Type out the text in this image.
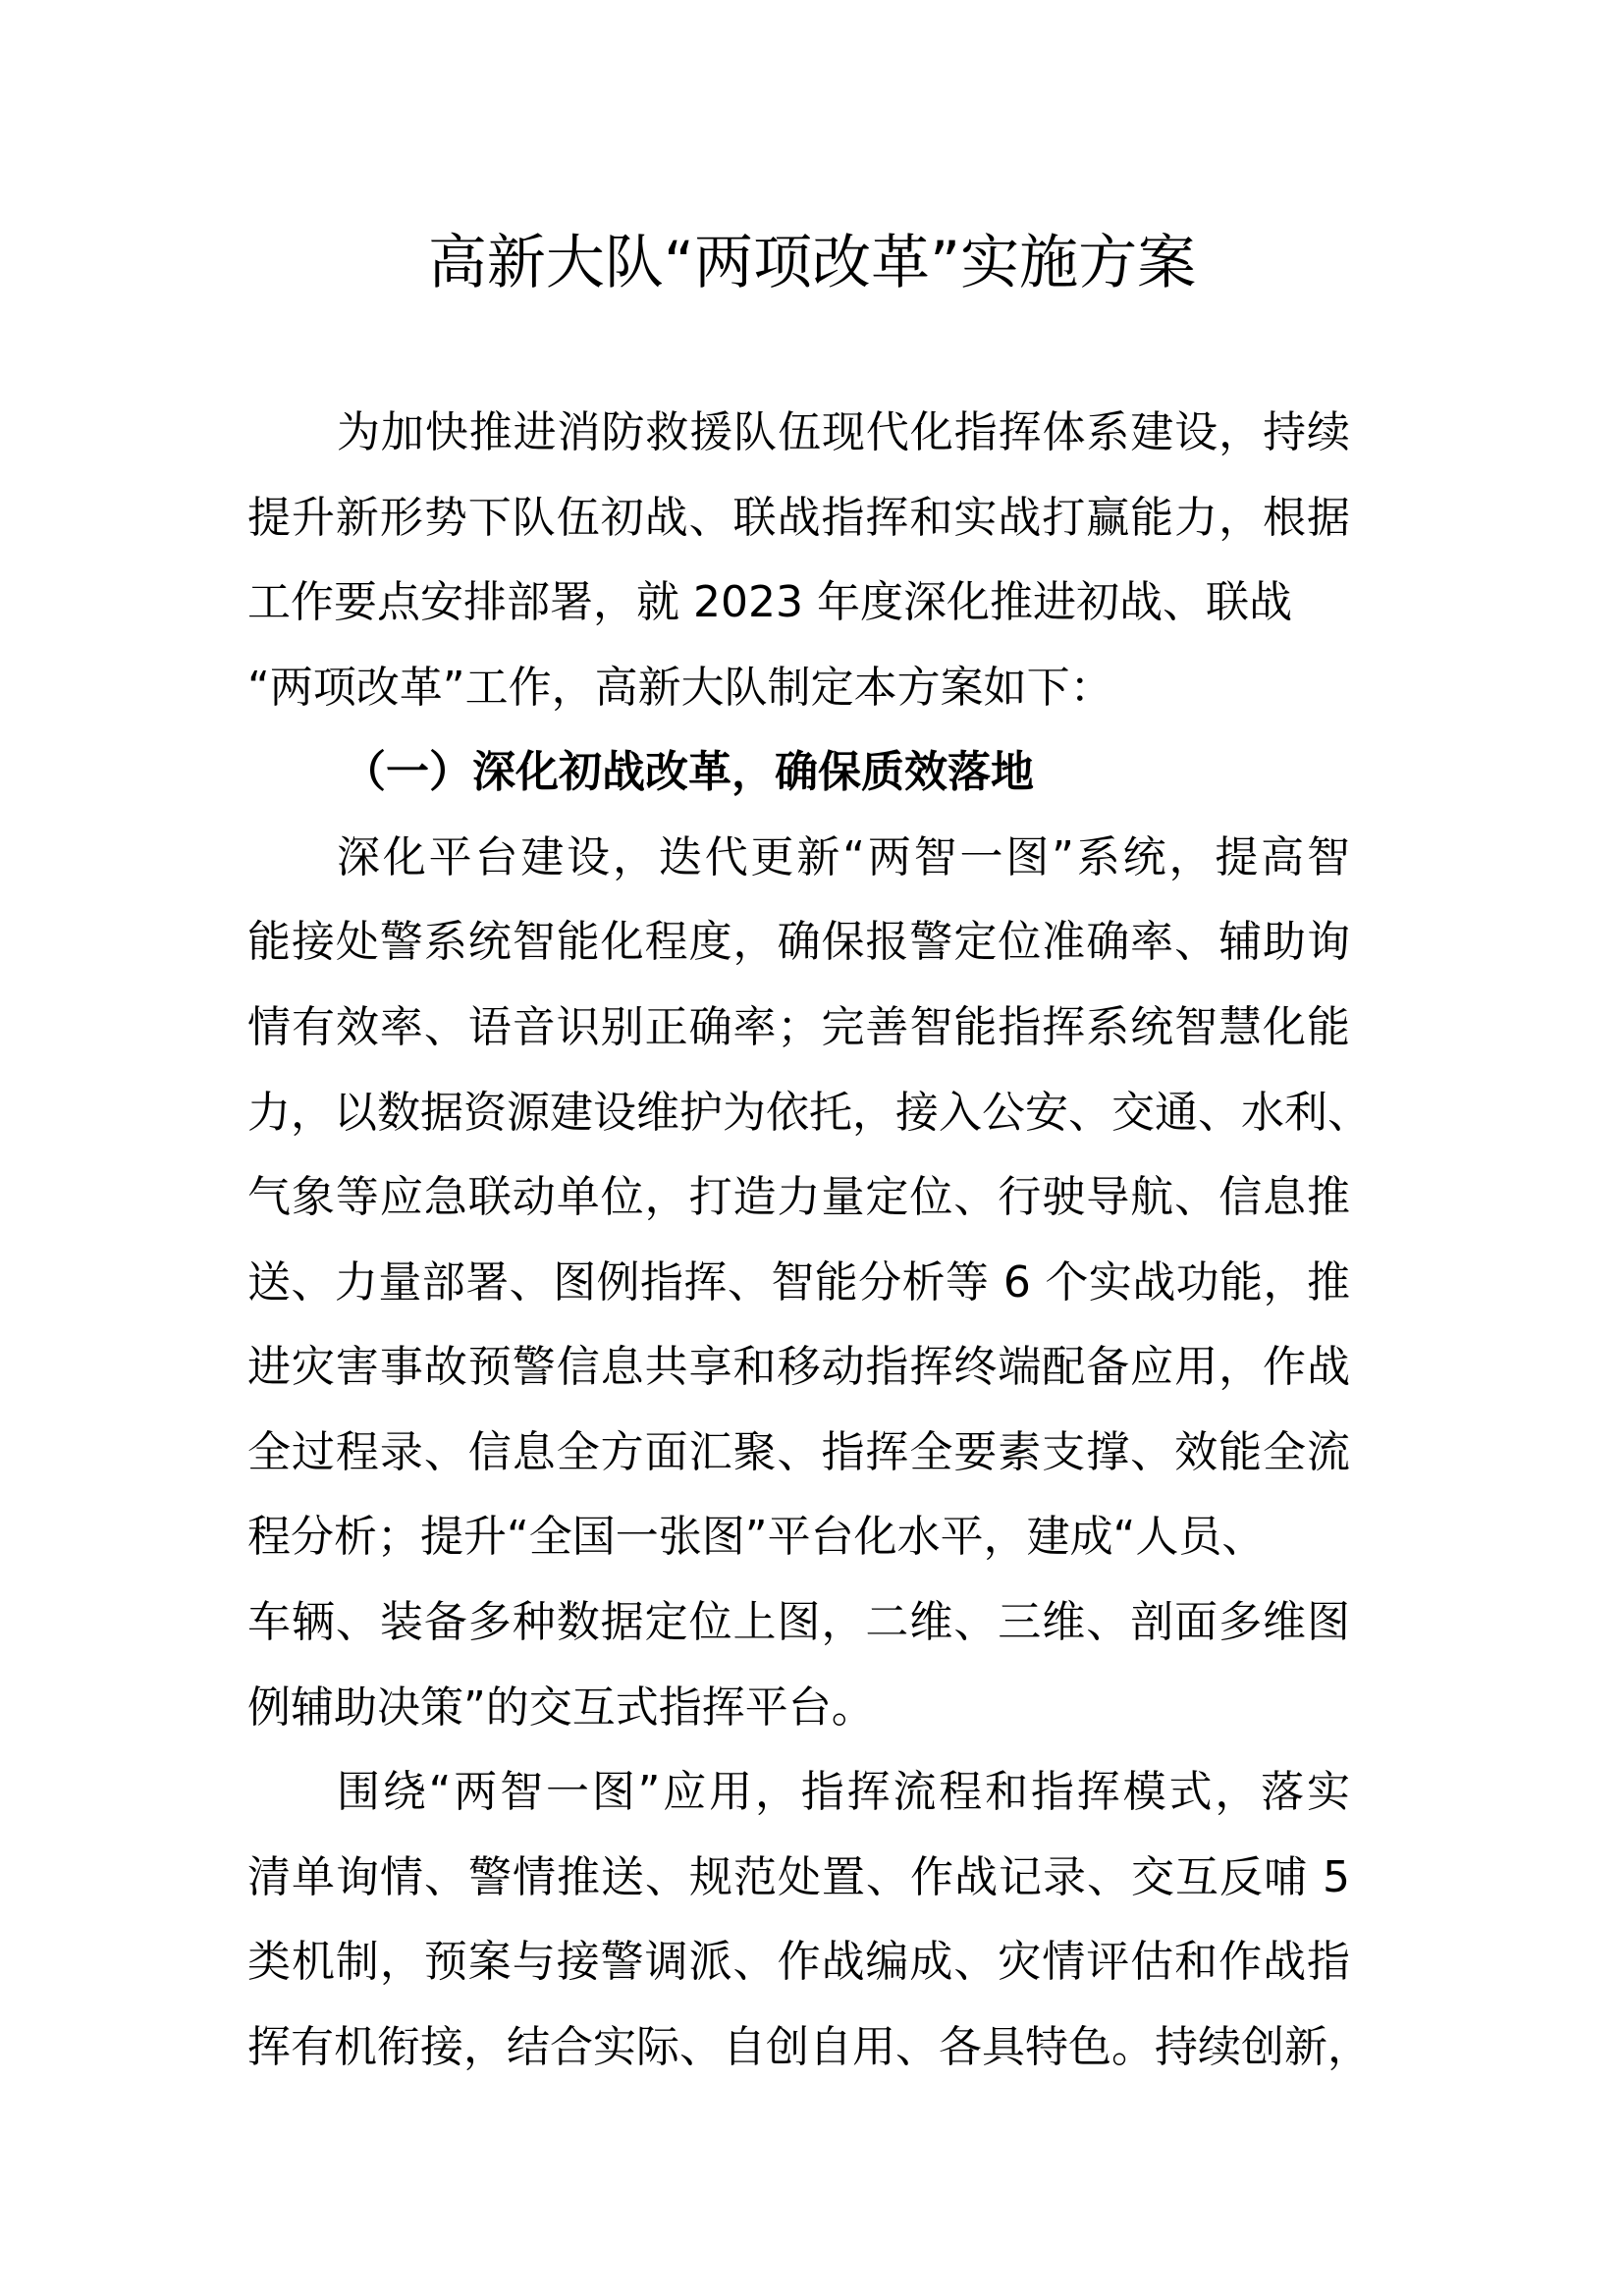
高新大队“两项改革”实施方案
为加快推进消防救援队伍现代化指挥体系建设，持续
提升新形势下队伍初战、联战指挥和实战打赢能力，根据
工作要点安排部署，就 2023 年度深化推进初战、联战
“两项改革”工作，高新大队制定本方案如下：
（一）深化初战改革，确保质效落地
深化平台建设，迭代更新“两智一图”系统，提高智
能接处警系统智能化程度，确保报警定位准确率、辅助询
情有效率、语音识别正确率；完善智能指挥系统智慧化能
力，以数据资源建设维护为依托，接入公安、交通、水利、
气象等应急联动单位，打造力量定位、行驶导航、信息推
送、力量部署、图例指挥、智能分析等 6 个实战功能，推
进灾害事故预警信息共享和移动指挥终端配备应用，作战
全过程录、信息全方面汇聚、指挥全要素支撑、效能全流
程分析；提升“全国一张图”平台化水平，建成“人员、
车辆、装备多种数据定位上图，二维、三维、剖面多维图
例辅助决策”的交互式指挥平台。
围绕“两智一图”应用，指挥流程和指挥模式，落实
清单询情、警情推送、规范处置、作战记录、交互反哺 5
类机制，预案与接警调派、作战编成、灾情评估和作战指
挥有机衔接，结合实际、自创自用、各具特色。持续创新，
